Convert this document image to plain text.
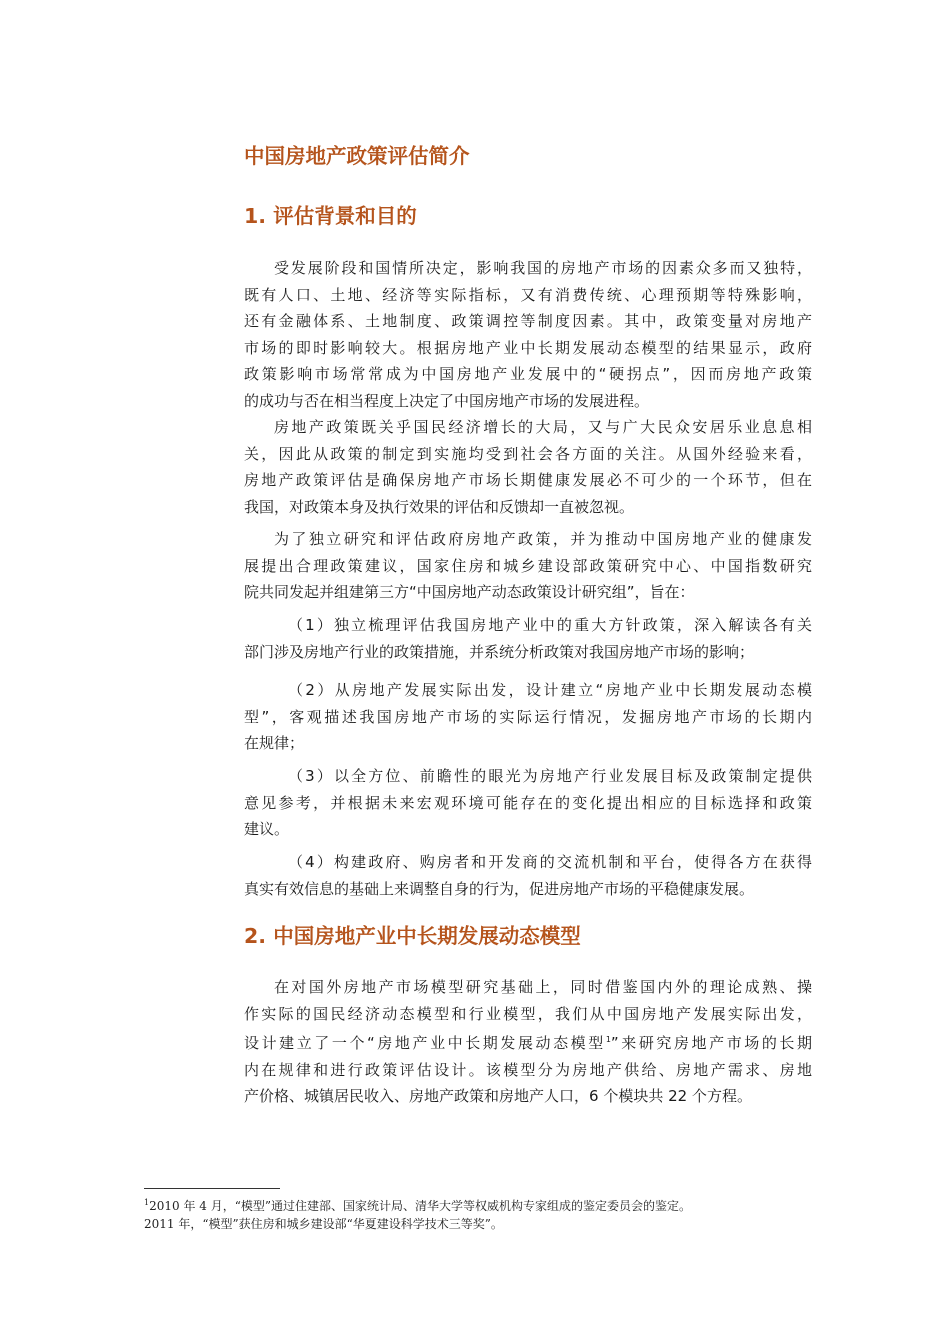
中国房地产政策评估简介
1. 评估背景和目的

受发展阶段和国情所决定，影响我国的房地产市场的因素众多而又独特，
既有人口、土地、经济等实际指标，又有消费传统、心理预期等特殊影响，
还有金融体系、土地制度、政策调控等制度因素。其中，政策变量对房地产
市场的即时影响较大。根据房地产业中长期发展动态模型的结果显示，政府
政策影响市场常常成为中国房地产业发展中的“硬拐点”，因而房地产政策
的成功与否在相当程度上决定了中国房地产市场的发展进程。

房地产政策既关乎国民经济增长的大局，又与广大民众安居乐业息息相
关，因此从政策的制定到实施均受到社会各方面的关注。从国外经验来看，
房地产政策评估是确保房地产市场长期健康发展必不可少的一个环节，但在
我国，对政策本身及执行效果的评估和反馈却一直被忽视。

为了独立研究和评估政府房地产政策，并为推动中国房地产业的健康发
展提出合理政策建议，国家住房和城乡建设部政策研究中心、中国指数研究
院共同发起并组建第三方“中国房地产动态政策设计研究组”，旨在：

（1）独立梳理评估我国房地产业中的重大方针政策，深入解读各有关
部门涉及房地产行业的政策措施，并系统分析政策对我国房地产市场的影响；

（2）从房地产发展实际出发，设计建立“房地产业中长期发展动态模
型”，客观描述我国房地产市场的实际运行情况，发掘房地产市场的长期内
在规律；

（3）以全方位、前瞻性的眼光为房地产行业发展目标及政策制定提供
意见参考，并根据未来宏观环境可能存在的变化提出相应的目标选择和政策
建议。

（4）构建政府、购房者和开发商的交流机制和平台，使得各方在获得
真实有效信息的基础上来调整自身的行为，促进房地产市场的平稳健康发展。

2. 中国房地产业中长期发展动态模型

在对国外房地产市场模型研究基础上，同时借鉴国内外的理论成熟、操
作实际的国民经济动态模型和行业模型，我们从中国房地产发展实际出发，
设计建立了一个“房地产业中长期发展动态模型$^1$”来研究房地产市场的长期
内在规律和进行政策评估设计。该模型分为房地产供给、房地产需求、房地
产价格、城镇居民收入、房地产政策和房地产人口，6 个模块共 22 个方程。

$^1$2010 年 4 月，“模型”通过住建部、国家统计局、清华大学等权威机构专家组成的鉴定委员会的鉴定。
2011 年，“模型”获住房和城乡建设部“华夏建设科学技术三等奖”。
